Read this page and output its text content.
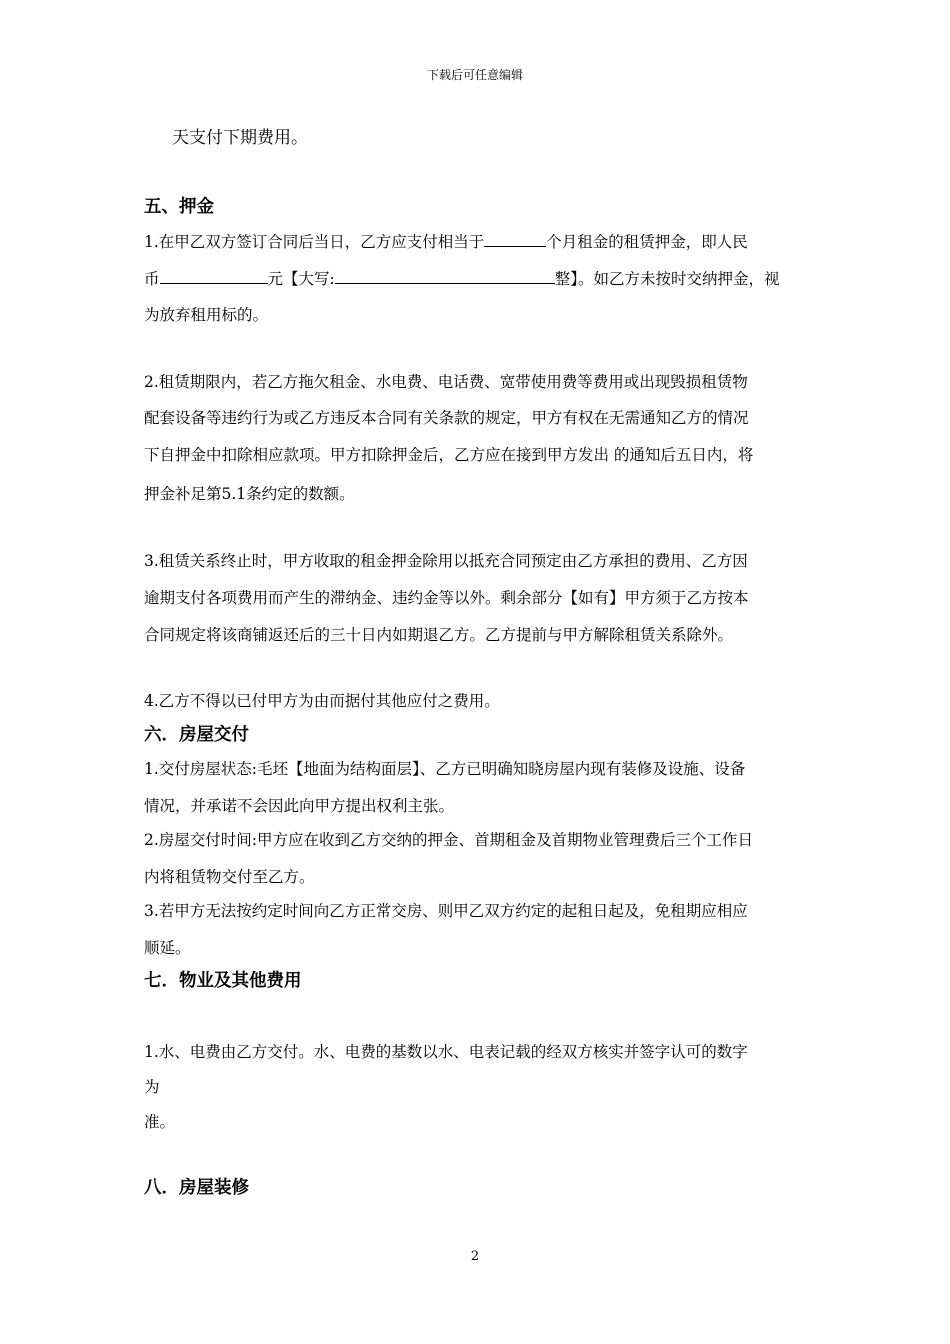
下载后可任意编辑
天支付下期费用。
五、押金
1.在甲乙双方签订合同后当日，乙方应支付相当于	个月租金的租赁押金，即人民
币	元【大写:	整】。如乙方未按时交纳押金，视
为放弃租用标的。
2.租赁期限内，若乙方拖欠租金、水电费、电话费、宽带使用费等费用或出现毁损租赁物
配套设备等违约行为或乙方违反本合同有关条款的规定，甲方有权在无需通知乙方的情况
下自押金中扣除相应款项。甲方扣除押金后，乙方应在接到甲方发出 的通知后五日内，将
押金补足第5.1条约定的数额。
3.租赁关系终止时，甲方收取的租金押金除用以抵充合同预定由乙方承担的费用、乙方因
逾期支付各项费用而产生的滞纳金、违约金等以外。剩余部分【如有】甲方须于乙方按本
合同规定将该商铺返还后的三十日内如期退乙方。乙方提前与甲方解除租赁关系除外。
4.乙方不得以已付甲方为由而据付其他应付之费用。
六．房屋交付
1.交付房屋状态:毛坯【地面为结构面层】、乙方已明确知晓房屋内现有装修及设施、设备
情况，并承诺不会因此向甲方提出权利主张。
2.房屋交付时间:甲方应在收到乙方交纳的押金、首期租金及首期物业管理费后三个工作日
内将租赁物交付至乙方。
3.若甲方无法按约定时间向乙方正常交房、则甲乙双方约定的起租日起及，免租期应相应
顺延。
七．物业及其他费用
1.水、电费由乙方交付。水、电费的基数以水、电表记载的经双方核实并签字认可的数字
为
准。
八．房屋装修
2
